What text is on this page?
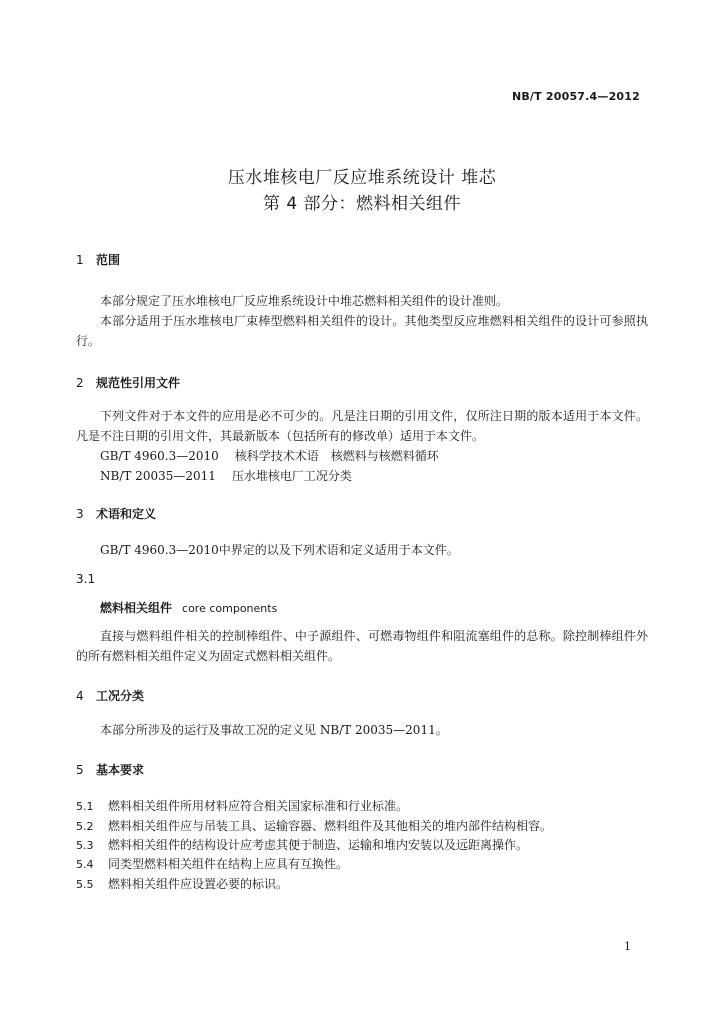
NB/T 20057.4—2012
压水堆核电厂反应堆系统设计 堆芯
第 4 部分：燃料相关组件
1 范围

本部分规定了压水堆核电厂反应堆系统设计中堆芯燃料相关组件的设计准则。

本部分适用于压水堆核电厂束棒型燃料相关组件的设计。其他类型反应堆燃料相关组件的设计可参照执行。

2 规范性引用文件

下列文件对于本文件的应用是必不可少的。凡是注日期的引用文件，仅所注日期的版本适用于本文件。凡是不注日期的引用文件，其最新版本（包括所有的修改单）适用于本文件。

GB/T 4960.3—2010 核科学技术术语　核燃料与核燃料循环
NB/T 20035—2011 压水堆核电厂工况分类
3 术语和定义

GB/T 4960.3—2010中界定的以及下列术语和定义适用于本文件。

3.1
燃料相关组件 core components

直接与燃料组件相关的控制棒组件、中子源组件、可燃毒物组件和阻流塞组件的总称。除控制棒组件外的所有燃料相关组件定义为固定式燃料相关组件。

4 工况分类

本部分所涉及的运行及事故工况的定义见 NB/T 20035—2011。

5 基本要求
5.1 燃料相关组件所用材料应符合相关国家标准和行业标准。
5.2 燃料相关组件应与吊装工具、运输容器、燃料组件及其他相关的堆内部件结构相容。
5.3 燃料相关组件的结构设计应考虑其便于制造、运输和堆内安装以及远距离操作。
5.4 同类型燃料相关组件在结构上应具有互换性。
5.5 燃料相关组件应设置必要的标识。
1
